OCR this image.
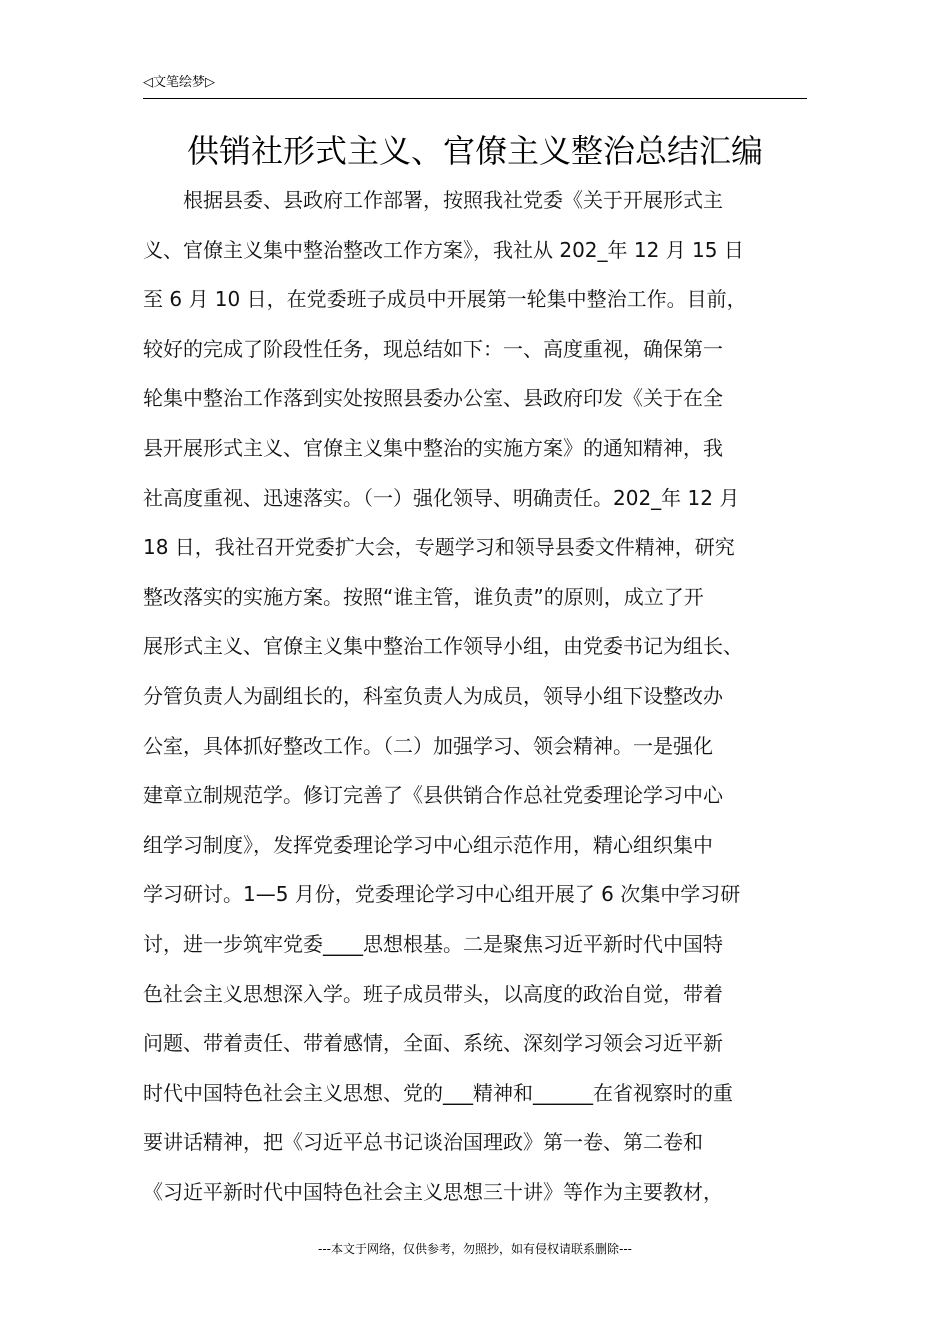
◁文笔绘梦▷
供销社形式主义、官僚主义整治总结汇编
　　根据县委、县政府工作部署，按照我社党委《关于开展形式主
义、官僚主义集中整治整改工作方案》，我社从 202_年 12 月 15 日
至 6 月 10 日，在党委班子成员中开展第一轮集中整治工作。目前，
较好的完成了阶段性任务，现总结如下：一、高度重视，确保第一
轮集中整治工作落到实处按照县委办公室、县政府印发《关于在全
县开展形式主义、官僚主义集中整治的实施方案》的通知精神，我
社高度重视、迅速落实。（一）强化领导、明确责任。202_年 12 月
18 日，我社召开党委扩大会，专题学习和领导县委文件精神，研究
整改落实的实施方案。按照“谁主管，谁负责”的原则，成立了开
展形式主义、官僚主义集中整治工作领导小组，由党委书记为组长、
分管负责人为副组长的，科室负责人为成员，领导小组下设整改办
公室，具体抓好整改工作。（二）加强学习、领会精神。一是强化
建章立制规范学。修订完善了《县供销合作总社党委理论学习中心
组学习制度》，发挥党委理论学习中心组示范作用，精心组织集中
学习研讨。1—5 月份，党委理论学习中心组开展了 6 次集中学习研
讨，进一步筑牢党委____思想根基。二是聚焦习近平新时代中国特
色社会主义思想深入学。班子成员带头，以高度的政治自觉，带着
问题、带着责任、带着感情，全面、系统、深刻学习领会习近平新
时代中国特色社会主义思想、党的___精神和______在省视察时的重
要讲话精神，把《习近平总书记谈治国理政》第一卷、第二卷和
《习近平新时代中国特色社会主义思想三十讲》等作为主要教材，
---本文于网络，仅供参考，勿照抄，如有侵权请联系删除---
